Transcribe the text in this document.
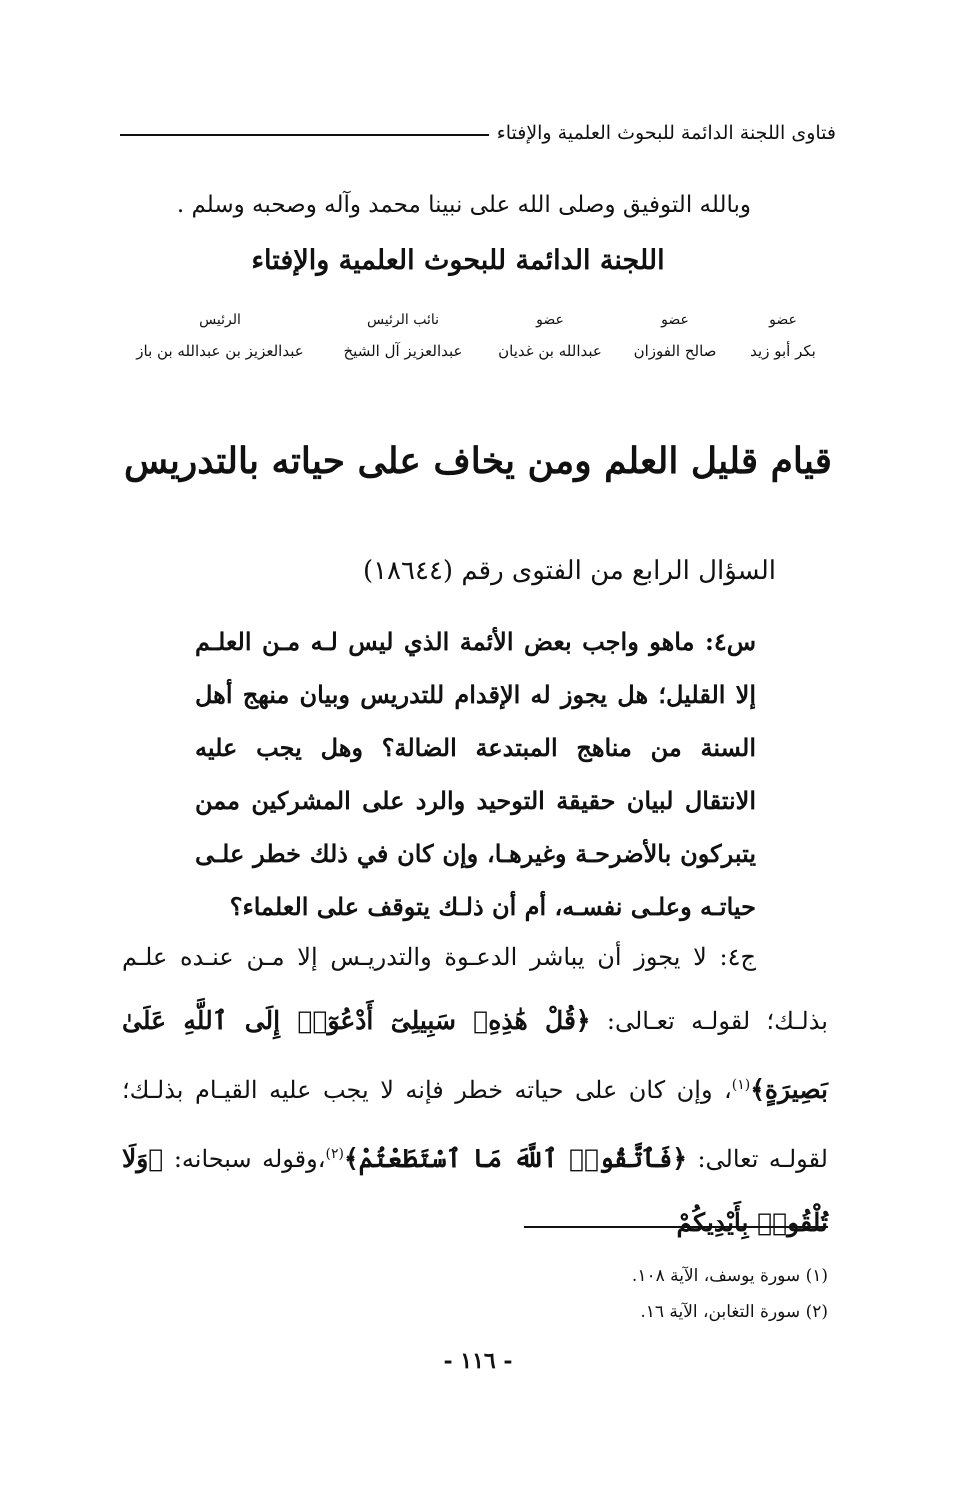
فتاوى اللجنة الدائمة للبحوث العلمية والإفتاء
وبالله التوفيق وصلى الله على نبينا محمد وآله وصحبه وسلم .
اللجنة الدائمة للبحوث العلمية والإفتاء
عضو
بكر أبو زيد
عضو
صالح الفوزان
عضو
عبدالله بن غديان
نائب الرئيس
عبدالعزيز آل الشيخ
الرئيس
عبدالعزيز بن عبدالله بن باز
قيام قليل العلم ومن يخاف على حياته بالتدريس
السؤال الرابع من الفتوى رقم (١٨٦٤٤)
س٤: ماهو واجب بعض الأئمة الذي ليس لـه مـن العلـم إلا القليل؛ هل يجوز له الإقدام للتدريس وبيان منهج أهل السنة من مناهج المبتدعة الضالة؟ وهل يجب عليه الانتقال لبيان حقيقة التوحيد والرد على المشركين ممن يتبركون بالأضرحـة وغيرهـا، وإن كان في ذلك خطر علـى حياتـه وعلـى نفسـه، أم أن ذلـك يتوقف على العلماء؟
ج٤: لا يجوز أن يباشر الدعـوة والتدريـس إلا مـن عنـده علـم
بذلـك؛ لقولـه تعـالى: ﴿قُلْ هَٰذِهِۦ سَبِيلِىٓ أَدْعُوٓا۟ إِلَى ٱللَّهِ عَلَىٰ بَصِيرَةٍ﴾$^{(١)}$، وإن كان على حياته خطر فإنه لا يجب عليه القيـام بذلـك؛ لقولـه تعالى: ﴿فَٱتَّقُوا۟ ٱللَّهَ مَا ٱسْتَطَعْتُمْ﴾$^{(٢)}$،وقوله سبحانه: ﴿وَلَا تُلْقُوا۟ بِأَيْدِيكُمْ
(١) سورة يوسف، الآية ١٠٨.
(٢) سورة التغابن، الآية ١٦.
- ١١٦ -
